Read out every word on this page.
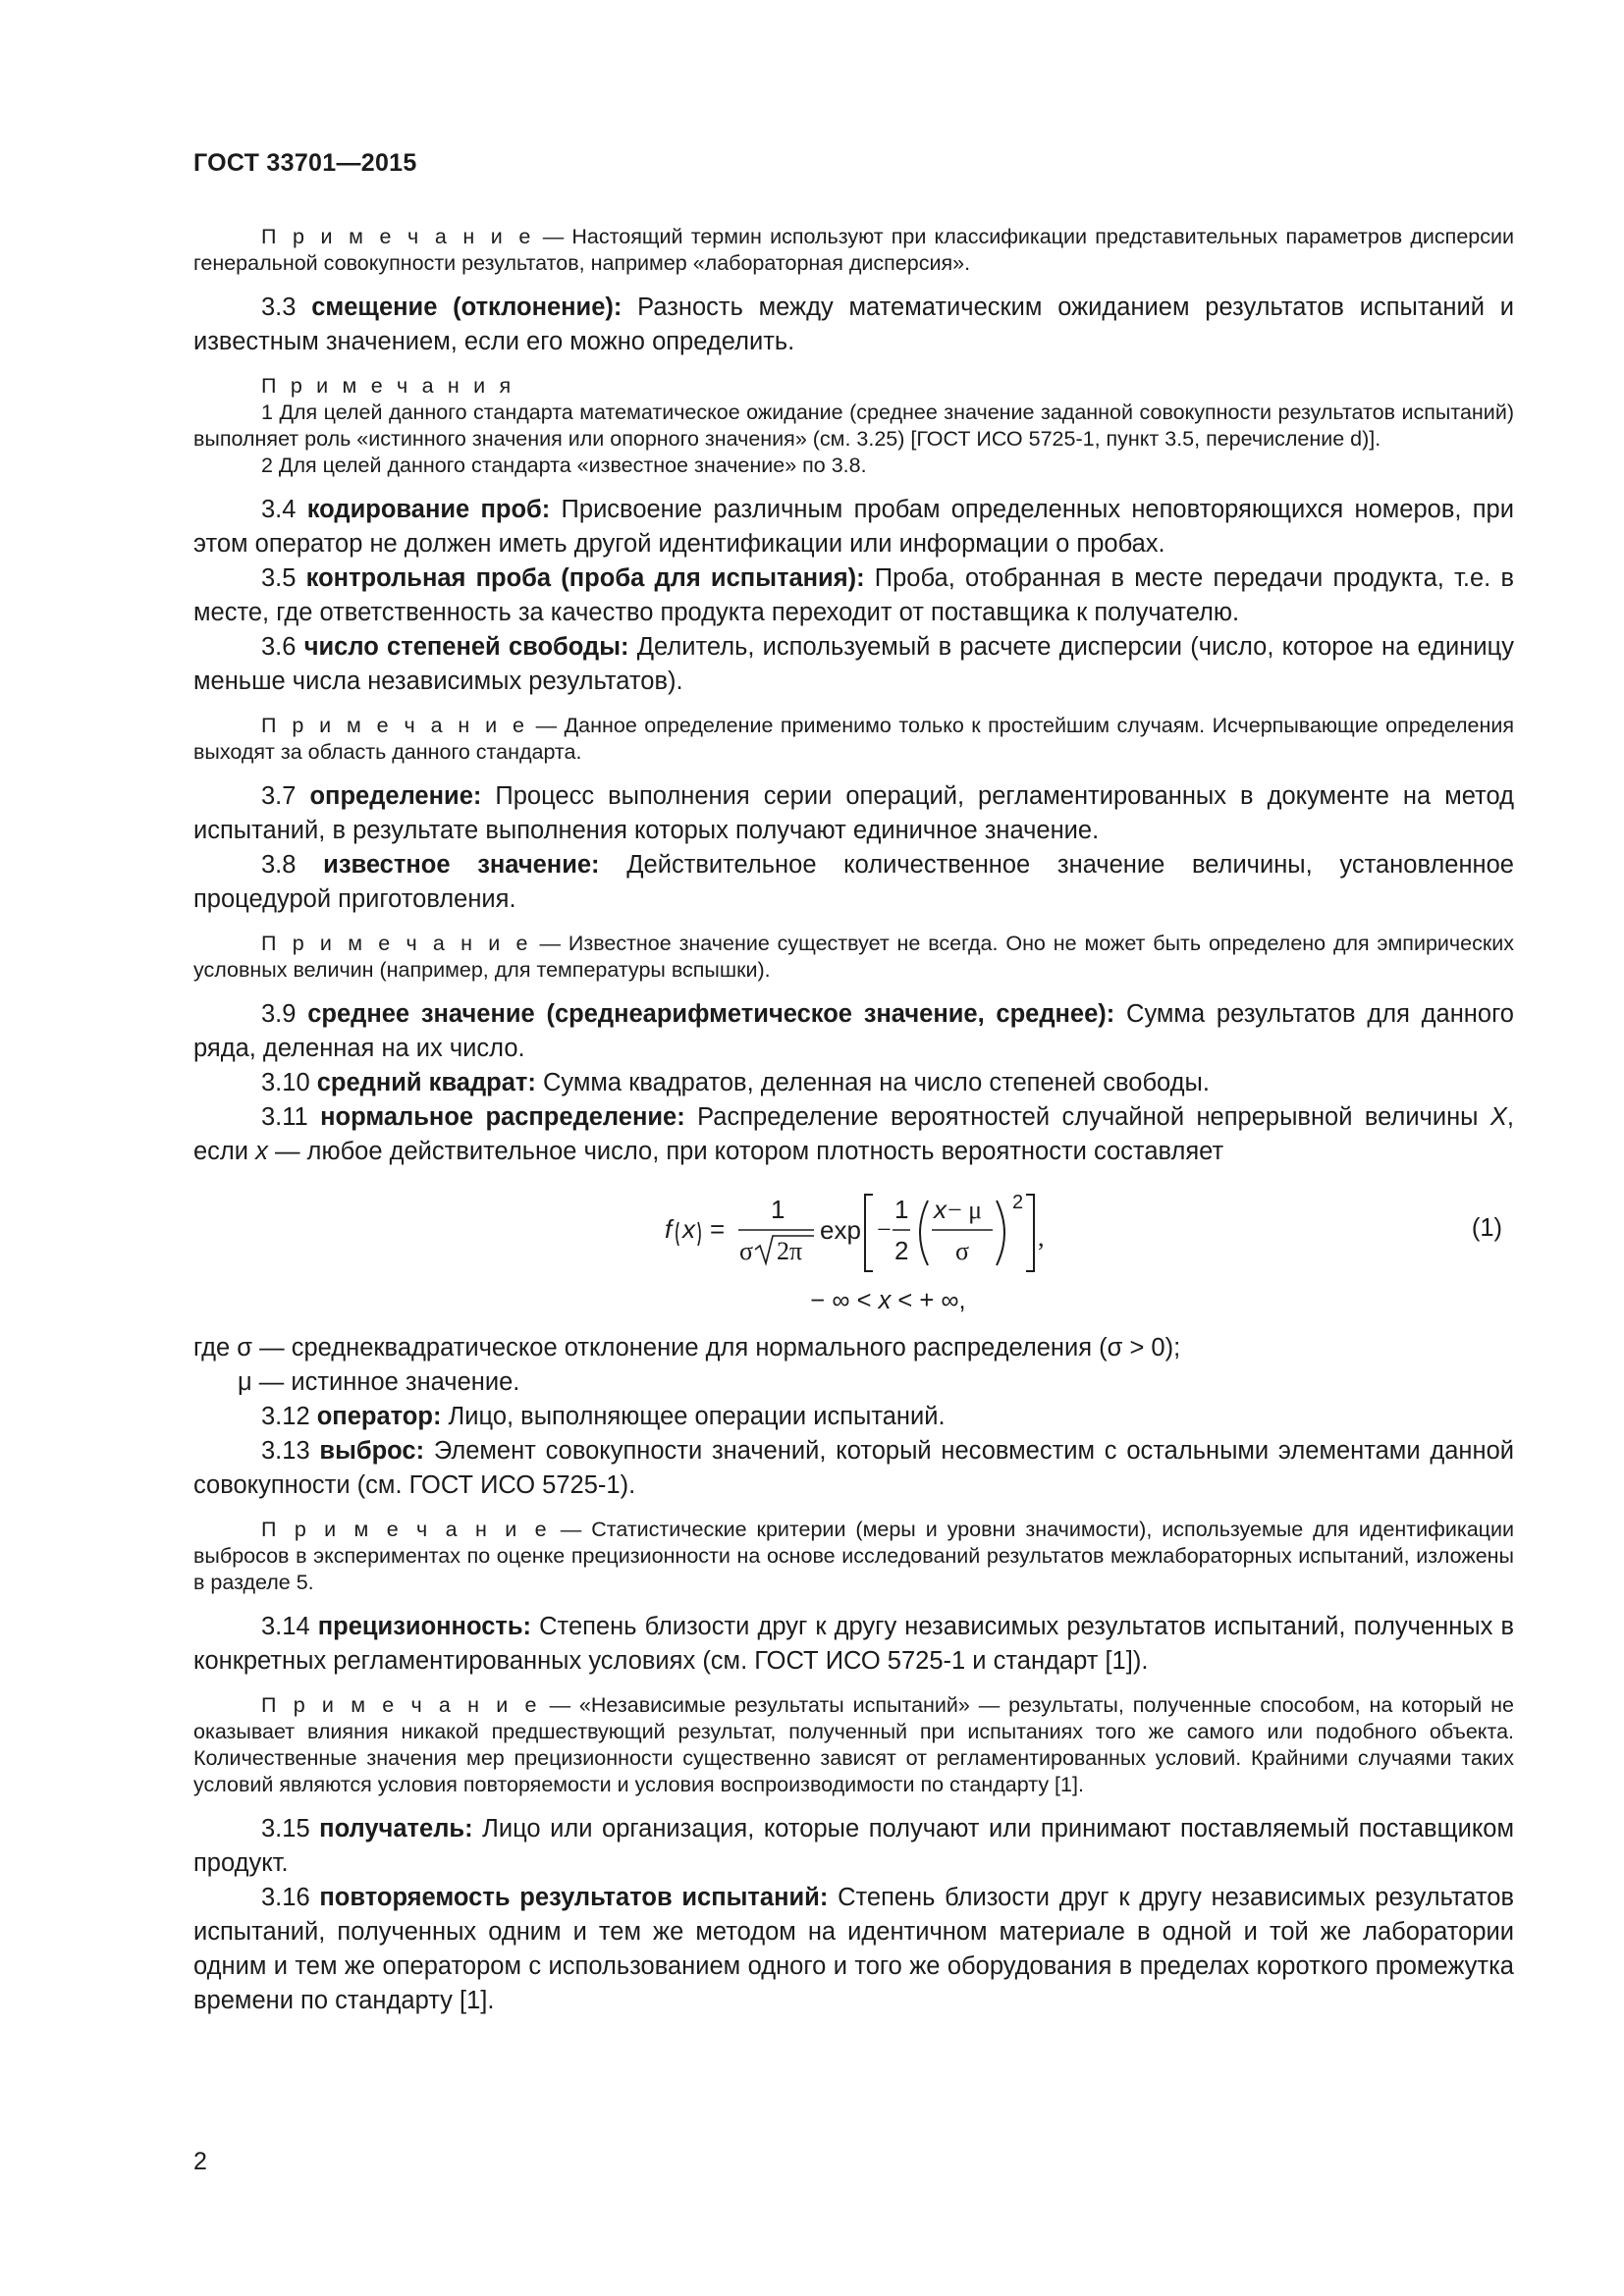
ГОСТ 33701—2015

П р и м е ч а н и е — Настоящий термин используют при классификации представительных параметров дисперсии генеральной совокупности результатов, например «лабораторная дисперсия».

3.3 смещение (отклонение): Разность между математическим ожиданием результатов испытаний и известным значением, если его можно определить.

П р и м е ч а н и я

1 Для целей данного стандарта математическое ожидание (среднее значение заданной совокупности результатов испытаний) выполняет роль «истинного значения или опорного значения» (см. 3.25) [ГОСТ ИСО 5725-1, пункт 3.5, перечисление d)].

2 Для целей данного стандарта «известное значение» по 3.8.

3.4 кодирование проб: Присвоение различным пробам определенных неповторяющихся номеров, при этом оператор не должен иметь другой идентификации или информации о пробах.

3.5 контрольная проба (проба для испытания): Проба, отобранная в месте передачи продукта, т.е. в месте, где ответственность за качество продукта переходит от поставщика к получателю.

3.6 число степеней свободы: Делитель, используемый в расчете дисперсии (число, которое на единицу меньше числа независимых результатов).

П р и м е ч а н и е — Данное определение применимо только к простейшим случаям. Исчерпывающие определения выходят за область данного стандарта.

3.7 определение: Процесс выполнения серии операций, регламентированных в документе на метод испытаний, в результате выполнения которых получают единичное значение.

3.8 известное значение: Действительное количественное значение величины, установленное процедурой приготовления.

П р и м е ч а н и е — Известное значение существует не всегда. Оно не может быть определено для эмпирических условных величин (например, для температуры вспышки).

3.9 среднее значение (среднеарифметическое значение, среднее): Сумма результатов для данного ряда, деленная на их число.

3.10 средний квадрат: Сумма квадратов, деленная на число степеней свободы.

3.11 нормальное распределение: Распределение вероятностей случайной непрерывной величины X, если x — любое действительное число, при котором плотность вероятности составляет

f x =
1
σ 2π
exp −
1
2
x − μ
σ
2
,	(1)
− ∞ < x < + ∞,

где σ — среднеквадратическое отклонение для нормального распределения (σ > 0);

μ — истинное значение.

3.12 оператор: Лицо, выполняющее операции испытаний.

3.13 выброс: Элемент совокупности значений, который несовместим с остальными элементами данной совокупности (см. ГОСТ ИСО 5725-1).

П р и м е ч а н и е — Статистические критерии (меры и уровни значимости), используемые для идентификации выбросов в экспериментах по оценке прецизионности на основе исследований результатов межлабораторных испытаний, изложены в разделе 5.

3.14 прецизионность: Степень близости друг к другу независимых результатов испытаний, полученных в конкретных регламентированных условиях (см. ГОСТ ИСО 5725-1 и стандарт [1]).

П р и м е ч а н и е — «Независимые результаты испытаний» — результаты, полученные способом, на который не оказывает влияния никакой предшествующий результат, полученный при испытаниях того же самого или подобного объекта. Количественные значения мер прецизионности существенно зависят от регламентированных условий. Крайними случаями таких условий являются условия повторяемости и условия воспроизводимости по стандарту [1].

3.15 получатель: Лицо или организация, которые получают или принимают поставляемый поставщиком продукт.

3.16 повторяемость результатов испытаний: Степень близости друг к другу независимых результатов испытаний, полученных одним и тем же методом на идентичном материале в одной и той же лаборатории одним и тем же оператором с использованием одного и того же оборудования в пределах короткого промежутка времени по стандарту [1].

2
